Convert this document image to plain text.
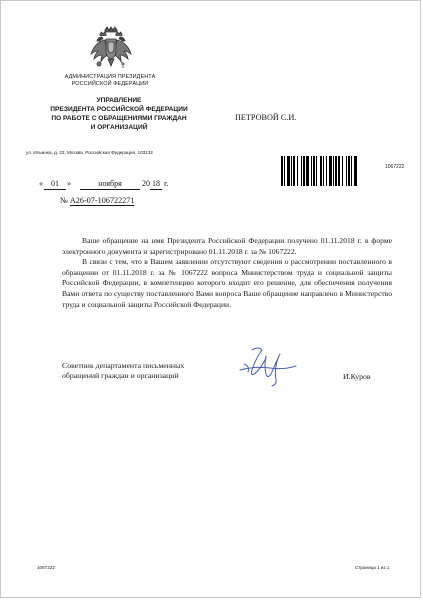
АДМИНИСТРАЦИЯ ПРЕЗИДЕНТА
РОССИЙСКОЙ ФЕДЕРАЦИИ
УПРАВЛЕНИЕ
ПРЕЗИДЕНТА РОССИЙСКОЙ ФЕДЕРАЦИИ
ПО РАБОТЕ С ОБРАЩЕНИЯМИ ГРАЖДАН
И ОРГАНИЗАЦИЙ
ул. Ильинка, д. 23, Москва, Российская Федерация, 103132
ПЕТРОВОЙ С.И.
1067222
« 01 »	ноября	20 18 г.
№ А26-07-106722271

Ваше обращение на имя Президента Российской Федерации получено 01.11.2018 г. в форме электронного документа и зарегистрировано 01.11.2018 г. за № 1067222.

В связи с тем, что в Вашем заявлении отсутствуют сведения о рассмотрении поставленного в обращении от 01.11.2018 г. за № 1067222 вопроса Министерством труда и социальной защиты Российской Федерации, в компетенцию которого входит его решение, для обеспечения получения Вами ответа по существу поставленного Вами вопроса Ваше обращение направлено в Министерство труда и социальной защиты Российской Федерации.

Советник департамента письменных
обращений граждан и организаций	И.Куров
1067222	Страница 1 из 1
